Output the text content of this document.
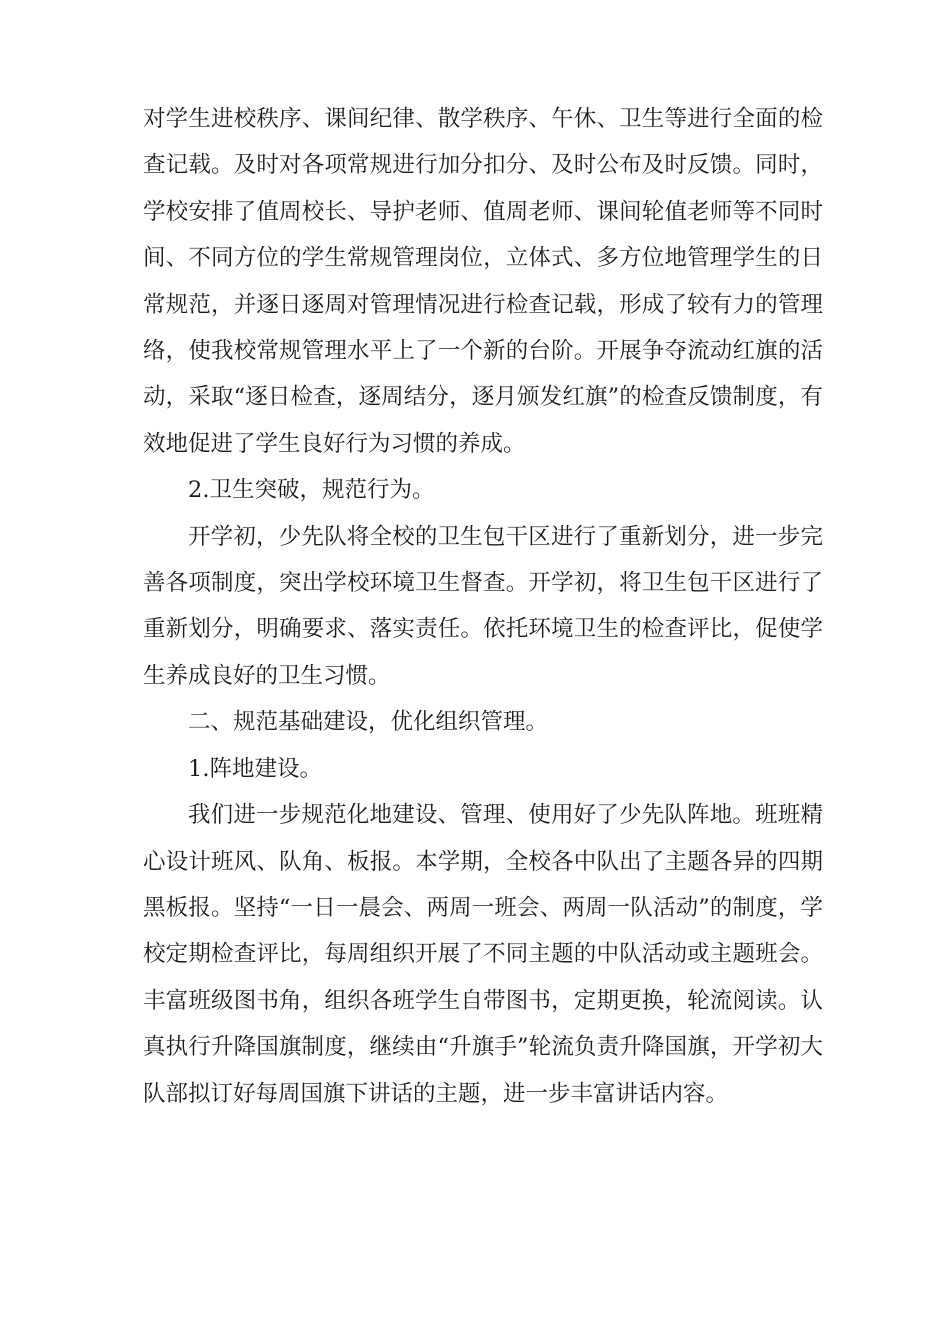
对学生进校秩序、课间纪律、散学秩序、午休、卫生等进行全面的检查记载。及时对各项常规进行加分扣分、及时公布及时反馈。同时，学校安排了值周校长、导护老师、值周老师、课间轮值老师等不同时间、不同方位的学生常规管理岗位，立体式、多方位地管理学生的日常规范，并逐日逐周对管理情况进行检查记载，形成了较有力的管理络，使我校常规管理水平上了一个新的台阶。开展争夺流动红旗的活动，采取“逐日检查，逐周结分，逐月颁发红旗”的检查反馈制度，有效地促进了学生良好行为习惯的养成。

2.卫生突破，规范行为。

开学初，少先队将全校的卫生包干区进行了重新划分，进一步完善各项制度，突出学校环境卫生督查。开学初，将卫生包干区进行了重新划分，明确要求、落实责任。依托环境卫生的检查评比，促使学生养成良好的卫生习惯。

二、规范基础建设，优化组织管理。

1.阵地建设。

我们进一步规范化地建设、管理、使用好了少先队阵地。班班精心设计班风、队角、板报。本学期，全校各中队出了主题各异的四期黑板报。坚持“一日一晨会、两周一班会、两周一队活动”的制度，学校定期检查评比，每周组织开展了不同主题的中队活动或主题班会。丰富班级图书角，组织各班学生自带图书，定期更换，轮流阅读。认真执行升降国旗制度，继续由“升旗手”轮流负责升降国旗，开学初大队部拟订好每周国旗下讲话的主题，进一步丰富讲话内容。
